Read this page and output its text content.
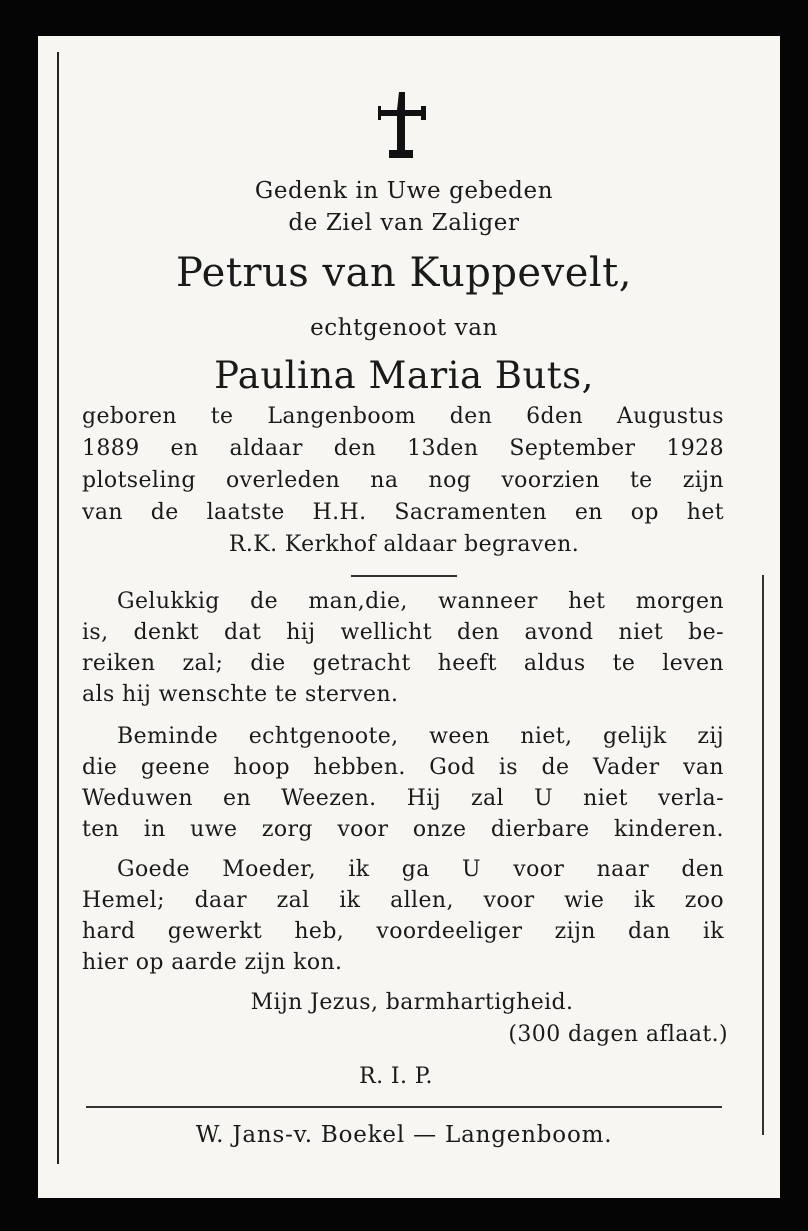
Gedenk in Uwe gebeden
de Ziel van Zaliger
Petrus van Kuppevelt,
echtgenoot van
Paulina Maria Buts,
geboren te Langenboom den 6den Augustus
1889 en aldaar den 13den September 1928
plotseling overleden na nog voorzien te zijn
van de laatste H.H. Sacramenten en op het
R.K. Kerkhof aldaar begraven.
Gelukkig de man,die, wanneer het morgen
is, denkt dat hij wellicht den avond niet be-
reiken zal; die getracht heeft aldus te leven
als hij wenschte te sterven.
Beminde echtgenoote, ween niet, gelijk zij
die geene hoop hebben. God is de Vader van
Weduwen en Weezen. Hij zal U niet verla-
ten in uwe zorg voor onze dierbare kinderen.
Goede Moeder, ik ga U voor naar den
Hemel; daar zal ik allen, voor wie ik zoo
hard gewerkt heb, voordeeliger zijn dan ik
hier op aarde zijn kon.
Mijn Jezus, barmhartigheid.
(300 dagen aflaat.)
R. I. P.
W. Jans-v. Boekel — Langenboom.
